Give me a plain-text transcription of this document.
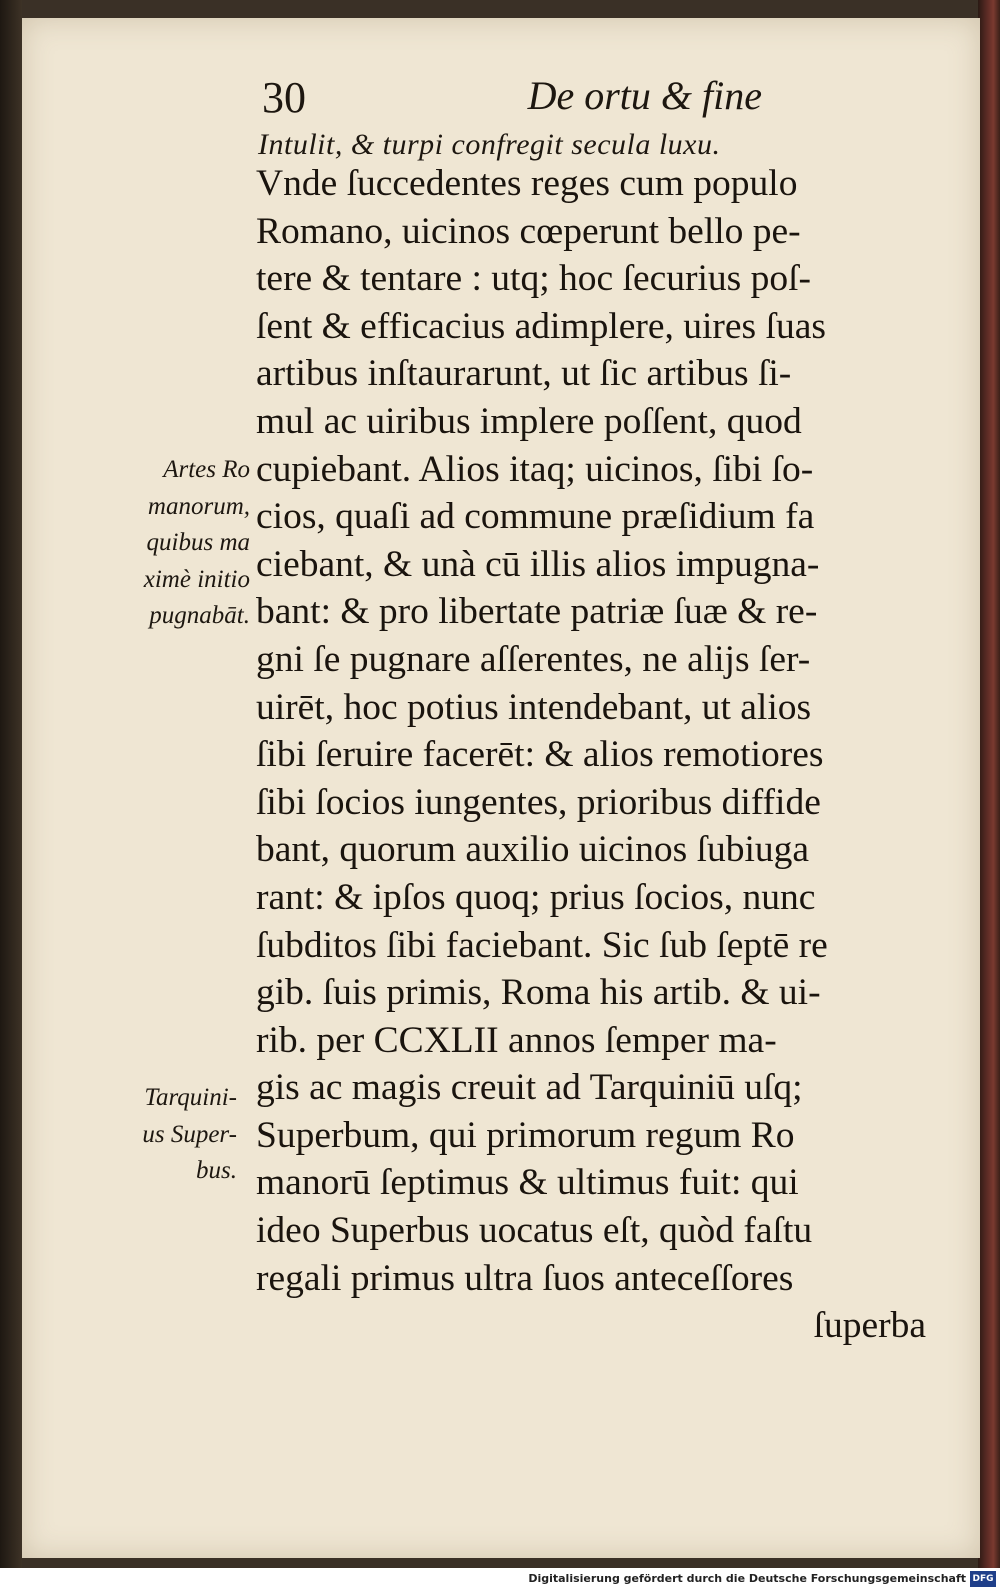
30	De ortu & fine
Intulit, & turpi confregit secula luxu.
Vnde ſuccedentes reges cum populo
Romano, uicinos cœperunt bello pe-
tere & tentare : utq; hoc ſecurius poſ-
ſent & efficacius adimplere, uires ſuas
artibus inſtaurarunt, ut ſic artibus ſi-
mul ac uiribus implere poſſent, quod
cupiebant. Alios itaq; uicinos, ſibi ſo-
cios, quaſi ad commune præſidium fa
ciebant, & unà cū illis alios impugna-
bant: & pro libertate patriæ ſuæ & re-
gni ſe pugnare aſſerentes, ne alijs ſer-
uirēt, hoc potius intendebant, ut alios
ſibi ſeruire facerēt: & alios remotiores
ſibi ſocios iungentes, prioribus diffide
bant, quorum auxilio uicinos ſubiuga
rant: & ipſos quoq; prius ſocios, nunc
ſubditos ſibi faciebant. Sic ſub ſeptē re
gib. ſuis primis, Roma his artib. & ui-
rib. per CCXLII annos ſemper ma-
gis ac magis creuit ad Tarquiniū uſq;
Superbum, qui primorum regum Ro
manorū ſeptimus & ultimus fuit: qui
ideo Superbus uocatus eſt, quòd faſtu
regali primus ultra ſuos anteceſſores
ſuperba
Artes Ro
manorum,
quibus ma
ximè initio
pugnabāt.
Tarquini-
us Super-
bus.
Digitalisierung gefördert durch die Deutsche Forschungsgemeinschaft DFG
